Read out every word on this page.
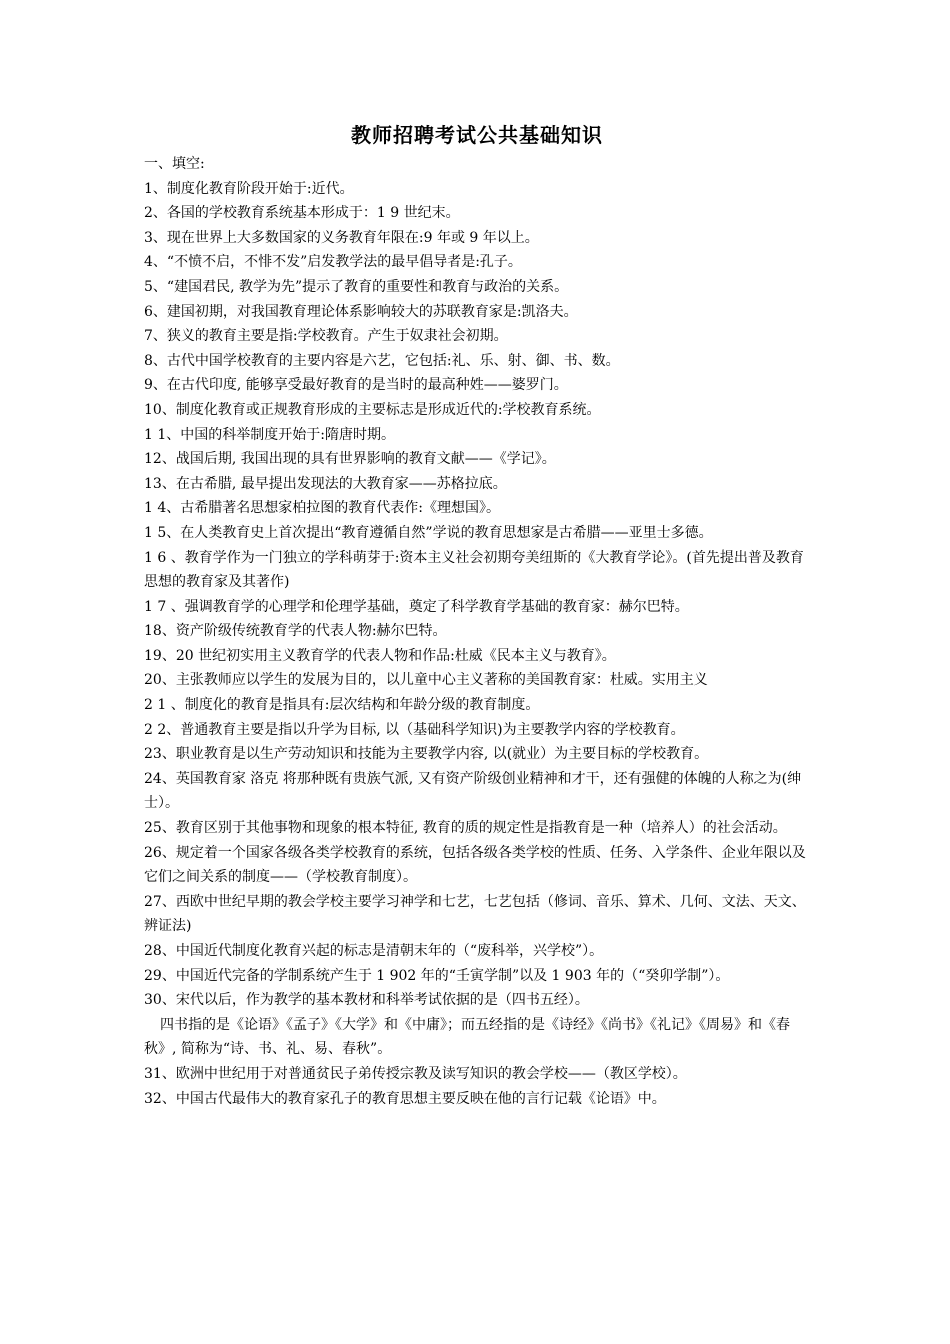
教师招聘考试公共基础知识
一、填空:
1、制度化教育阶段开始于:近代。
2、各国的学校教育系统基本形成于：1 9 世纪末。
3、现在世界上大多数国家的义务教育年限在:9 年或 9 年以上。
4、“不愤不启，不悱不发”启发教学法的最早倡导者是:孔子。
5、“建国君民, 教学为先”提示了教育的重要性和教育与政治的关系。
6、建国初期，对我国教育理论体系影响较大的苏联教育家是:凯洛夫。
7、狭义的教育主要是指:学校教育。产生于奴隶社会初期。
8、古代中国学校教育的主要内容是六艺，它包括:礼、乐、射、御、书、数。
9、在古代印度, 能够享受最好教育的是当时的最高种姓——婆罗门。
10、制度化教育或正规教育形成的主要标志是形成近代的:学校教育系统。
1 1、中国的科举制度开始于:隋唐时期。
12、战国后期, 我国出现的具有世界影响的教育文献——《学记》。
13、在古希腊, 最早提出发现法的大教育家——苏格拉底。
1 4、古希腊著名思想家柏拉图的教育代表作:《理想国》。
1 5、在人类教育史上首次提出“教育遵循自然”学说的教育思想家是古希腊——亚里士多德。
1 6 、教育学作为一门独立的学科萌芽于:资本主义社会初期夸美纽斯的《大教育学论》。(首先提出普及教育思想的教育家及其著作)
1 7 、强调教育学的心理学和伦理学基础，奠定了科学教育学基础的教育家：赫尔巴特。
18、资产阶级传统教育学的代表人物:赫尔巴特。
19、20 世纪初实用主义教育学的代表人物和作品:杜威《民本主义与教育》。
20、主张教师应以学生的发展为目的，以儿童中心主义著称的美国教育家：杜威。实用主义
2 1 、制度化的教育是指具有:层次结构和年龄分级的教育制度。
2 2、普通教育主要是指以升学为目标, 以（基础科学知识)为主要教学内容的学校教育。
23、职业教育是以生产劳动知识和技能为主要教学内容, 以(就业）为主要目标的学校教育。
24、英国教育家 洛克 将那种既有贵族气派, 又有资产阶级创业精神和才干，还有强健的体魄的人称之为(绅士）。
25、教育区别于其他事物和现象的根本特征, 教育的质的规定性是指教育是一种（培养人）的社会活动。
26、规定着一个国家各级各类学校教育的系统，包括各级各类学校的性质、任务、入学条件、企业年限以及它们之间关系的制度——（学校教育制度）。
27、西欧中世纪早期的教会学校主要学习神学和七艺，七艺包括（修词、音乐、算术、几何、文法、天文、辨证法)
28、中国近代制度化教育兴起的标志是清朝末年的（“废科举，兴学校”）。
29、中国近代完备的学制系统产生于 1 902 年的“壬寅学制”以及 1 903 年的（“癸卯学制”）。
30、宋代以后，作为教学的基本教材和科举考试依据的是（四书五经）。
四书指的是《论语》《孟子》《大学》和《中庸》；而五经指的是《诗经》《尚书》《礼记》《周易》和《春秋》, 简称为“诗、书、礼、易、春秋”。
31、欧洲中世纪用于对普通贫民子弟传授宗教及读写知识的教会学校——（教区学校）。
32、中国古代最伟大的教育家孔子的教育思想主要反映在他的言行记载《论语》中。
